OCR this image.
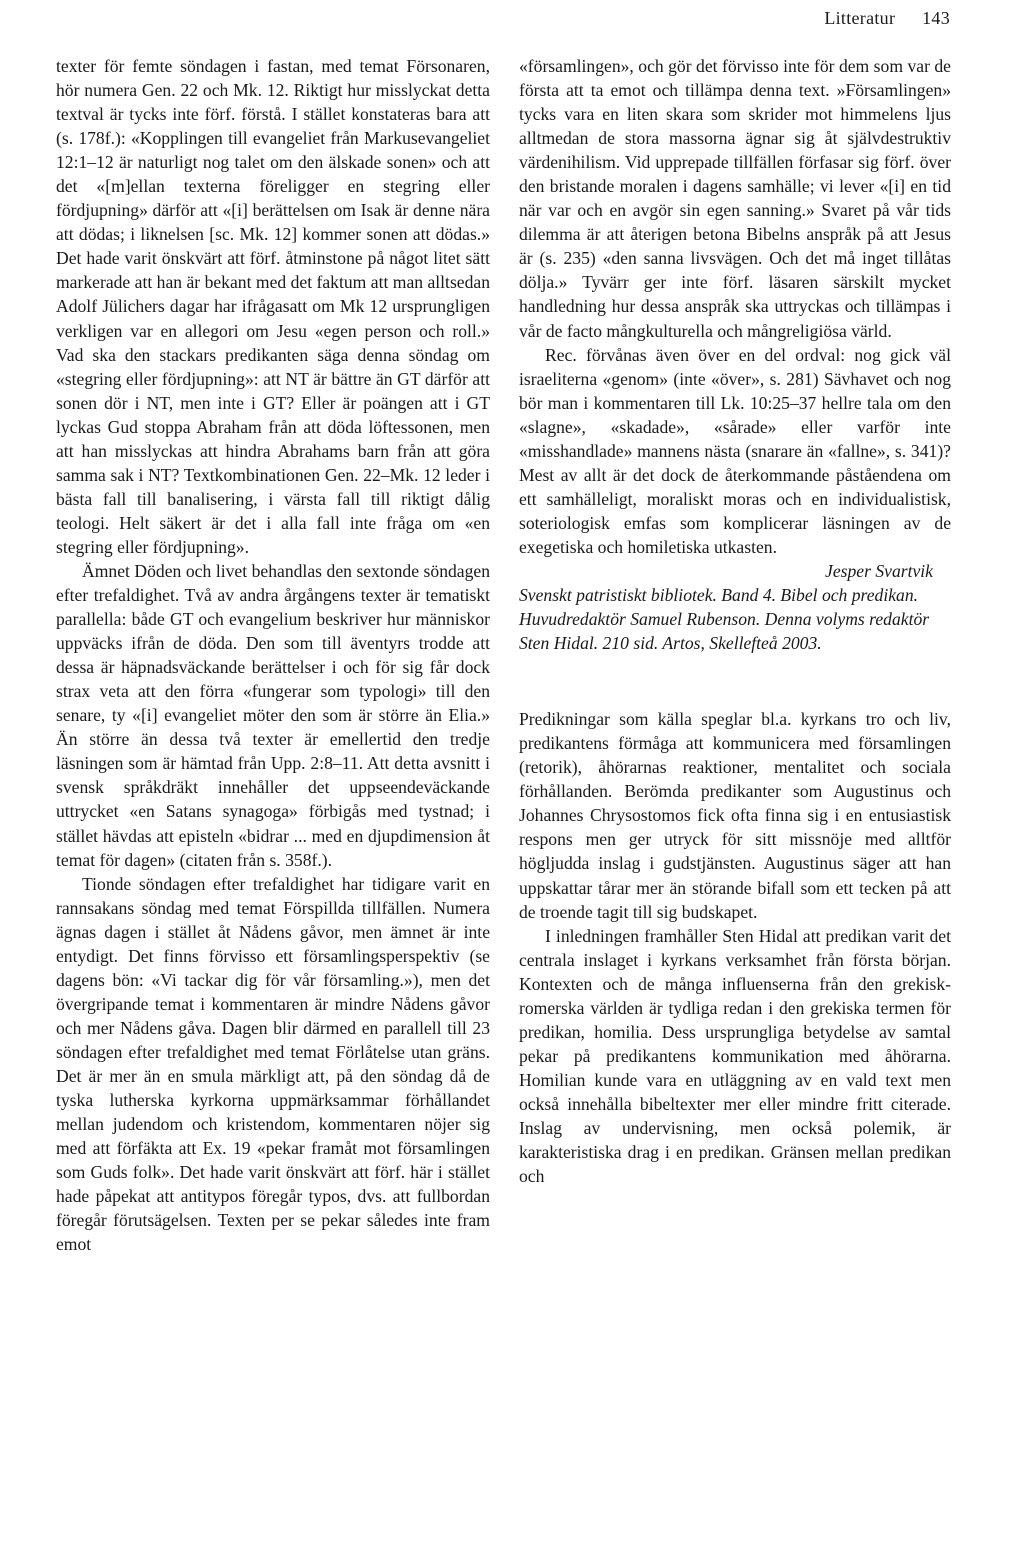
Litteratur 143

texter för femte söndagen i fastan, med temat Försonaren, hör numera Gen. 22 och Mk. 12. Riktigt hur misslyckat detta textval är tycks inte förf. förstå. I stället konstateras bara att (s. 178f.): «Kopplingen till evangeliet från Markusevangeliet 12:1–12 är naturligt nog talet om den älskade sonen» och att det «[m]ellan texterna föreligger en stegring eller fördjupning» därför att «[i] berättelsen om Isak är denne nära att dödas; i liknelsen [sc. Mk. 12] kommer sonen att dödas.» Det hade varit önskvärt att förf. åtminstone på något litet sätt markerade att han är bekant med det faktum att man alltsedan Adolf Jülichers dagar har ifrågasatt om Mk 12 ursprungligen verkligen var en allegori om Jesu «egen person och roll.» Vad ska den stackars predikanten säga denna söndag om «stegring eller fördjupning»: att NT är bättre än GT därför att sonen dör i NT, men inte i GT? Eller är poängen att i GT lyckas Gud stoppa Abraham från att döda löftessonen, men att han misslyckas att hindra Abrahams barn från att göra samma sak i NT? Textkombinationen Gen. 22–Mk. 12 leder i bästa fall till banalisering, i värsta fall till riktigt dålig teologi. Helt säkert är det i alla fall inte fråga om «en stegring eller fördjupning».

Ämnet Döden och livet behandlas den sextonde söndagen efter trefaldighet. Två av andra årgångens texter är tematiskt parallella: både GT och evangelium beskriver hur människor uppväcks ifrån de döda. Den som till äventyrs trodde att dessa är häpnadsväckande berättelser i och för sig får dock strax veta att den förra «fungerar som typologi» till den senare, ty «[i] evangeliet möter den som är större än Elia.» Än större än dessa två texter är emellertid den tredje läsningen som är hämtad från Upp. 2:8–11. Att detta avsnitt i svensk språkdräkt innehåller det uppseendeväckande uttrycket «en Satans synagoga» förbigås med tystnad; i stället hävdas att episteln «bidrar ... med en djupdimension åt temat för dagen» (citaten från s. 358f.).

Tionde söndagen efter trefaldighet har tidigare varit en rannsakans söndag med temat Förspillda tillfällen. Numera ägnas dagen i stället åt Nådens gåvor, men ämnet är inte entydigt. Det finns förvisso ett församlingsperspektiv (se dagens bön: «Vi tackar dig för vår församling.»), men det övergripande temat i kommentaren är mindre Nådens gåvor och mer Nådens gåva. Dagen blir därmed en parallell till 23 söndagen efter trefaldighet med temat Förlåtelse utan gräns. Det är mer än en smula märkligt att, på den söndag då de tyska lutherska kyrkorna uppmärksammar förhållandet mellan judendom och kristendom, kommentaren nöjer sig med att förfäkta att Ex. 19 «pekar framåt mot församlingen som Guds folk». Det hade varit önskvärt att förf. här i stället hade påpekat att antitypos föregår typos, dvs. att fullbordan föregår förutsägelsen. Texten per se pekar således inte fram emot

«församlingen», och gör det förvisso inte för dem som var de första att ta emot och tillämpa denna text. »Församlingen» tycks vara en liten skara som skrider mot himmelens ljus alltmedan de stora massorna ägnar sig åt självdestruktiv värdenihilism. Vid upprepade tillfällen förfasar sig förf. över den bristande moralen i dagens samhälle; vi lever «[i] en tid när var och en avgör sin egen sanning.» Svaret på vår tids dilemma är att återigen betona Bibelns anspråk på att Jesus är (s. 235) «den sanna livsvägen. Och det må inget tillåtas dölja.» Tyvärr ger inte förf. läsaren särskilt mycket handledning hur dessa anspråk ska uttryckas och tillämpas i vår de facto mångkulturella och mångreligiösa värld.

Rec. förvånas även över en del ordval: nog gick väl israeliterna «genom» (inte «över», s. 281) Sävhavet och nog bör man i kommentaren till Lk. 10:25–37 hellre tala om den «slagne», «skadade», «sårade» eller varför inte «misshandlade» mannens nästa (snarare än «fallne», s. 341)? Mest av allt är det dock de återkommande påståendena om ett samhälleligt, moraliskt moras och en individualistisk, soteriologisk emfas som komplicerar läsningen av de exegetiska och homiletiska utkasten.

Jesper Svartvik

Svenskt patristiskt bibliotek. Band 4. Bibel och predikan. Huvudredaktör Samuel Rubenson. Denna volyms redaktör Sten Hidal. 210 sid. Artos, Skellefteå 2003.

Predikningar som källa speglar bl.a. kyrkans tro och liv, predikantens förmåga att kommunicera med församlingen (retorik), åhörarnas reaktioner, mentalitet och sociala förhållanden. Berömda predikanter som Augustinus och Johannes Chrysostomos fick ofta finna sig i en entusiastisk respons men ger utryck för sitt missnöje med alltför högljudda inslag i gudstjänsten. Augustinus säger att han uppskattar tårar mer än störande bifall som ett tecken på att de troende tagit till sig budskapet.

I inledningen framhåller Sten Hidal att predikan varit det centrala inslaget i kyrkans verksamhet från första början. Kontexten och de många influenserna från den grekisk-romerska världen är tydliga redan i den grekiska termen för predikan, homilia. Dess ursprungliga betydelse av samtal pekar på predikantens kommunikation med åhörarna. Homilian kunde vara en utläggning av en vald text men också innehålla bibeltexter mer eller mindre fritt citerade. Inslag av undervisning, men också polemik, är karakteristiska drag i en predikan. Gränsen mellan predikan och
